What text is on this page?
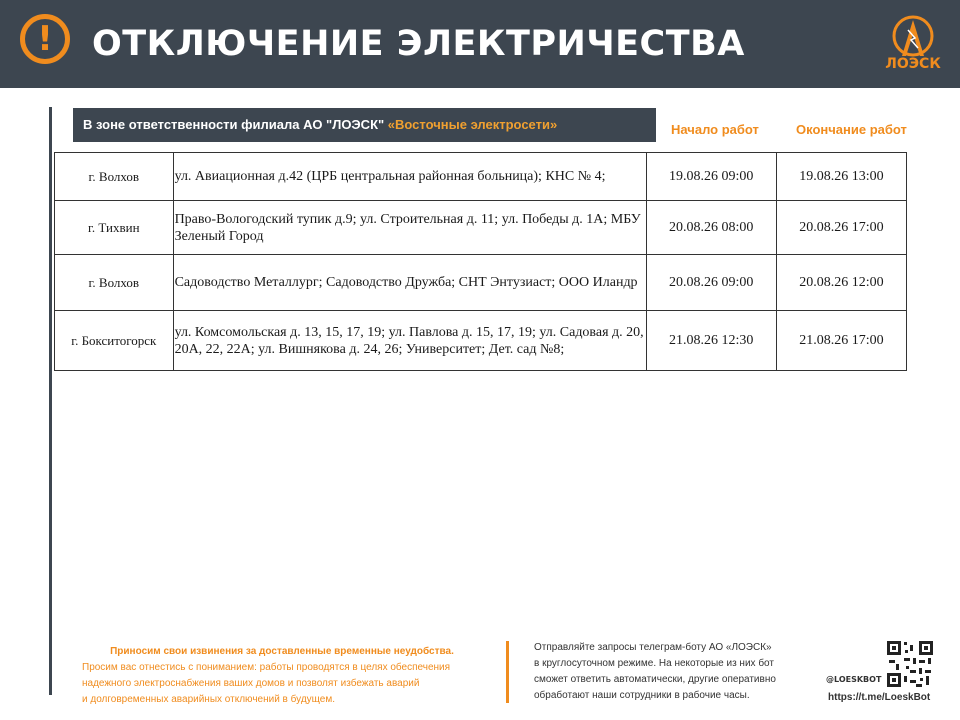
!	ОТКЛЮЧЕНИЕ ЭЛЕКТРИЧЕСТВА	ЛОЭСК
В зоне ответственности филиала АО "ЛОЭСК" «Восточные электросети»	Начало работ	Окончание работ
г. Волхов	ул. Авиационная д.42 (ЦРБ центральная районная больница); КНС № 4;	19.08.26 09:00	19.08.26 13:00
г. Тихвин	Право-Вологодский тупик д.9; ул. Строительная д. 11; ул. Победы д. 1А; МБУ Зеленый Город	20.08.26 08:00	20.08.26 17:00
г. Волхов	Садоводство Металлург; Садоводство Дружба; СНТ Энтузиаст; ООО Иландр	20.08.26 09:00	20.08.26 12:00
г. Бокситогорск	ул. Комсомольская д. 13, 15, 17, 19; ул. Павлова д. 15, 17, 19; ул. Садовая д. 20, 20А, 22, 22А; ул. Вишнякова д. 24, 26; Университет; Дет. сад №8;	21.08.26 12:30	21.08.26 17:00
Приносим свои извинения за доставленные временные неудобства.
Просим вас отнестись с пониманием: работы проводятся в целях обеспечения
надежного электроснабжения ваших домов и позволят избежать аварий
и долговременных аварийных отключений в будущем.
Отправляйте запросы телеграм-боту АО «ЛОЭСК»
в круглосуточном режиме. На некоторые из них бот
сможет ответить автоматически, другие оперативно
обработают наши сотрудники в рабочие часы.
@LOESKBOT
https://t.me/LoeskBot
